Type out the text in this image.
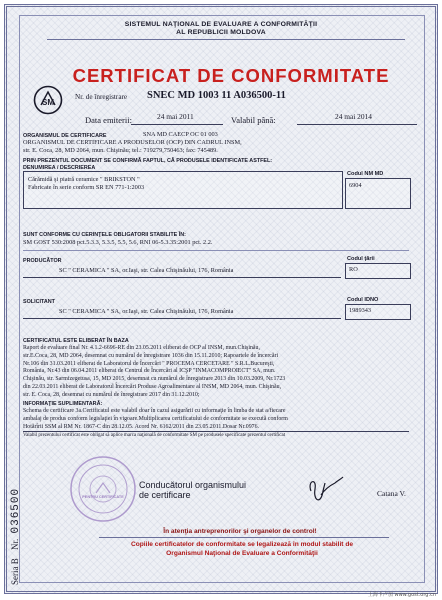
SISTEMUL NAŢIONAL DE EVALUARE A CONFORMITĂŢII
AL REPUBLICII MOLDOVA
CERTIFICAT DE CONFORMITATE
SM
Nr. de înregistrare SNEC MD 1003 11 A036500-11
Data emiterii:	24 mai 2011	Valabil până:	24 mai 2014
ORGANISMUL DE CERTIFICARE	SNA MD CAECP OC 01 003
ORGANISMUL DE CERTIFICARE A PRODUSELOR (OCP) DIN CADRUL INSM,
str. E. Coca, 28, MD 2064, mun. Chişinău; tel.: 719279,750463; fax: 745489.
PRIN PREZENTUL DOCUMENT SE CONFIRMĂ FAPTUL, CĂ PRODUSELE IDENTIFICATE ASTFEL:
DENUMIREA / DESCRIEREA
Cărămidă şi piatră ceramice " BRIKSTON "
Fabricate în serie conform SR EN 771-1:2003
Codul NM MD
6904
SUNT CONFORME CU CERINŢELE OBLIGATORII STABILITE ÎN:
SM GOST 530:2008 pct.5.3.3, 5.3.5, 5.5, 5.6, RNI 06-5.3.35:2001 pct. 2.2.
PRODUCĂTOR
SC " CERAMICA " SA, or.Iaşi, str. Calea Chişinăului, 176, România
Codul ţării
RO
SOLICITANT
SC " CERAMICA " SA, or.Iaşi, str. Calea Chişinăului, 176, România
Codul IDNO
1989343
CERTIFICATUL ESTE ELIBERAT ÎN BAZA
Raport de evaluare final Nr. 4.1.2-6696-RE din 23.05.2011 eliberat de OCP al INSM, mun.Chişinău,
str.E.Coca, 28, MD 2064, desemnat cu numărul de înregistrare 1036 din 15.11.2010; Rapoartele de încercări
Nr.106 din 31.03.2011 eliberat de Laboratorul de Încercări " PROCEMA CERCETARE " S.R.L.Bucureşti,
România, Nr.43 din 06.04.2011 eliberat de Centrul de Încercări al ICŞP "INMACOMPROIECT" SA, mun.
Chişinău, str. Sarmizegetusa, 15, MD 2015, desemnat cu numărul de înregistrare 2013 din 10.03.2009, Nr.1723
din 22.03.2011 eliberat de Laboratorul Încercări Produse Agroalimentare al INSM, MD 2064, mun. Chişinău,
str. E. Coca, 28, desemnat cu numărul de înregistrare 2017 din 31.12.2010;
INFORMAŢIE SUPLIMENTARĂ:
Schema de certificare 3a.Certificatul este valabil doar în cazul asigurării cu informaţie în limba de stat a/fiecare
ambalaj de produs conform legislaţiei în vigoare.Multiplicarea certificatului de conformitate se execută conform
Hotărîrii SSM al RM Nr. 1867-C din 28.12.05. Acord Nr. 6162/2011 din 23.05.2011.Dosar Nr.0976.
Valabil prezentului certificat este obligat să aplice marca naţională de conformitate SM pe produsele specificate prezentul certificat
PENTRU CERTIFICATE
Seria B Nr. 036500
Conducătorul organismului
de certificare	Catana V.
În atenţia antreprenorilor şi organelor de control!
Copiile certificatelor de conformitate se legalizează în modul stabilit de
Organismul Naţional de Evaluare a Conformităţii
上海卡卢加 www.gost.org.cn
